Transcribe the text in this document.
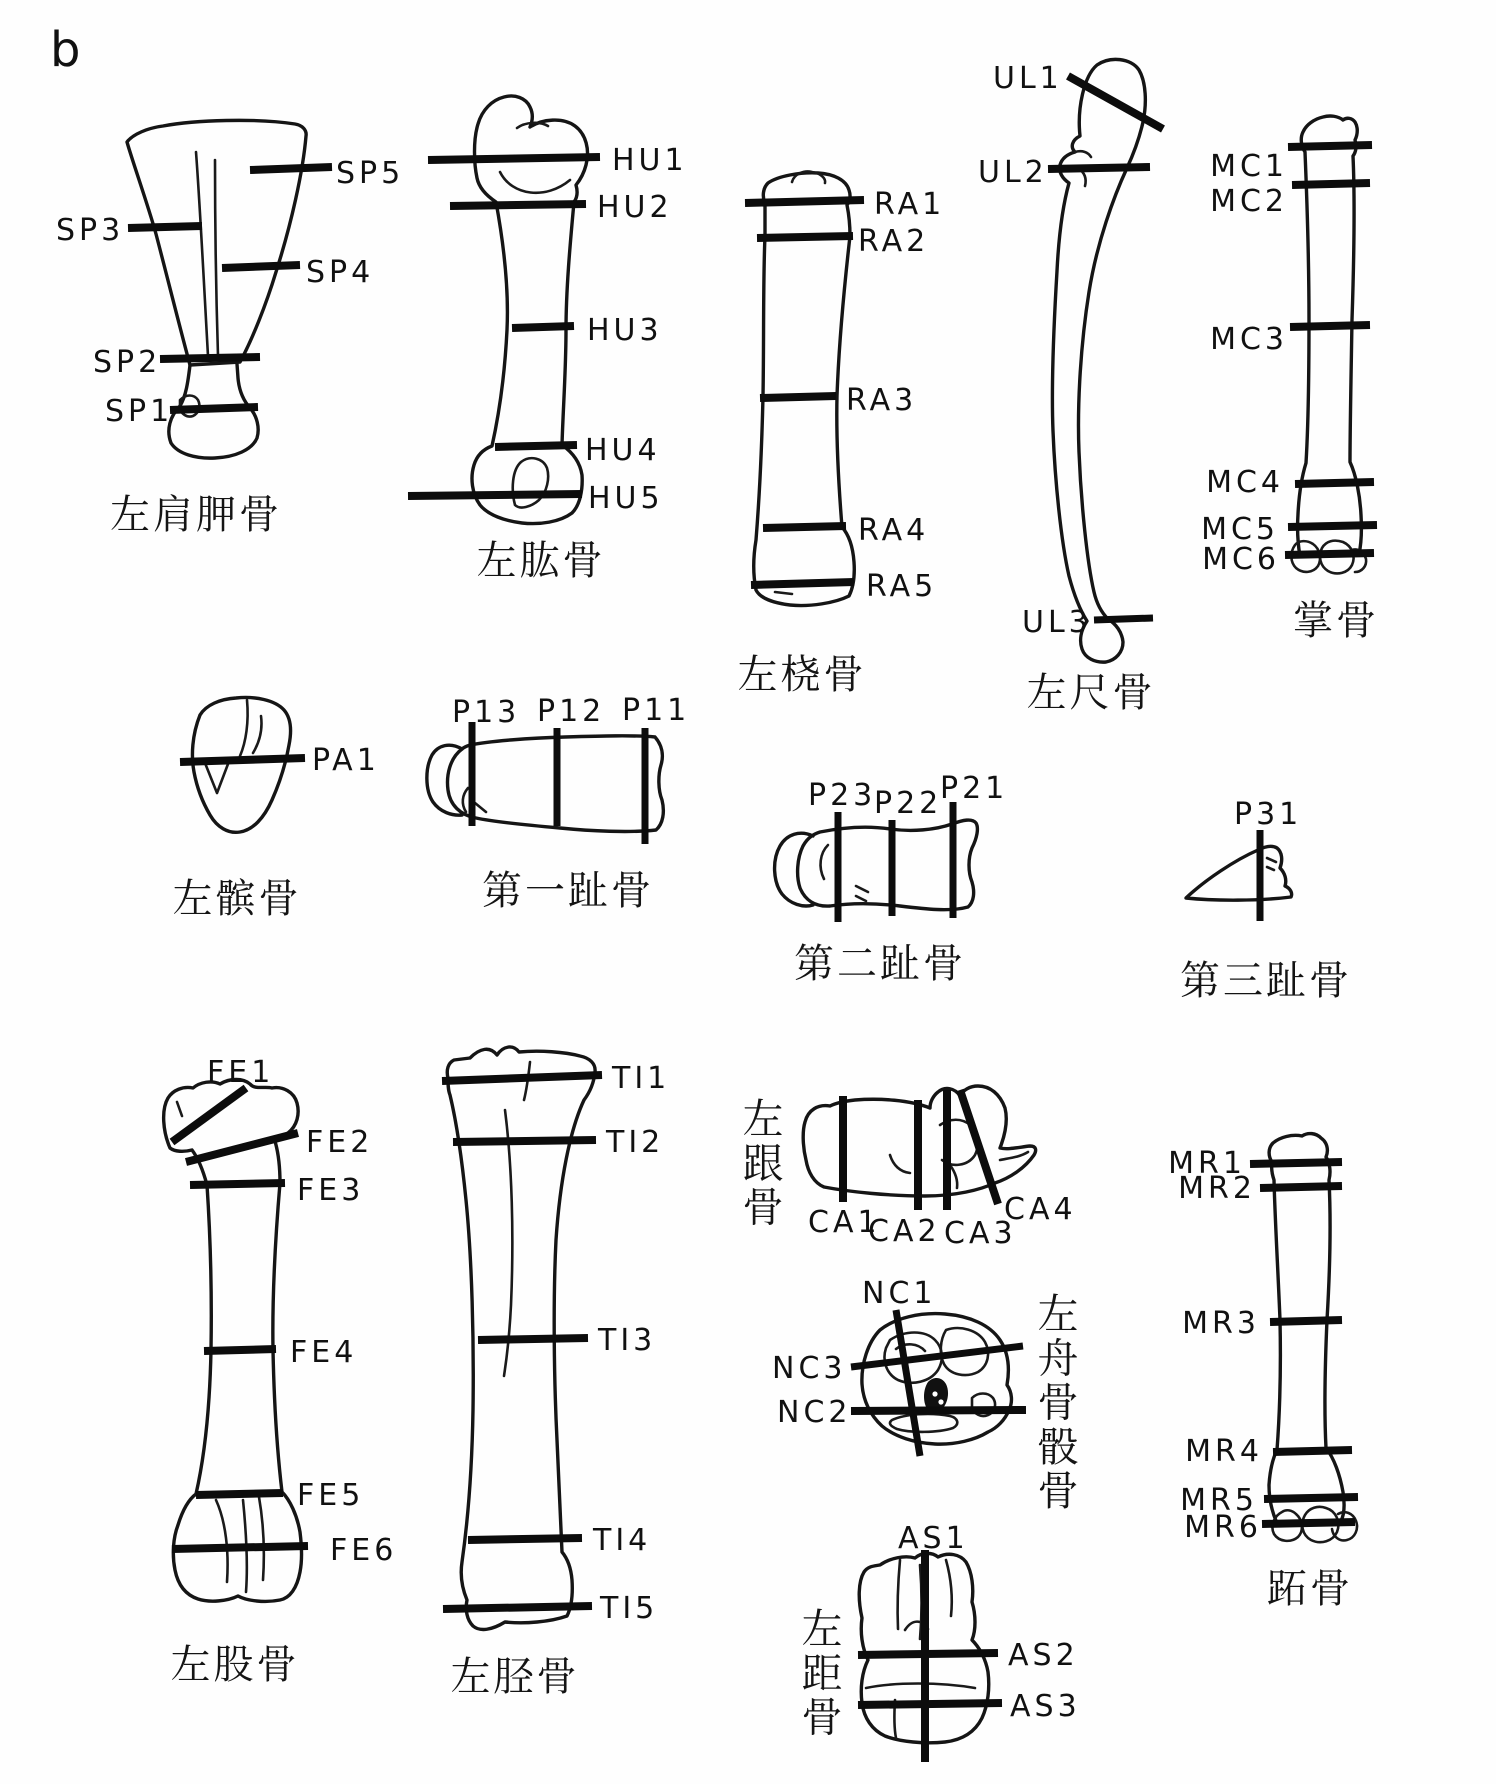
b
SP5
SP3
SP4
SP2
SP1
左肩胛骨
HU1
HU2
HU3
HU4
HU5
左肱骨
RA1
RA2
RA3
RA4
RA5
左桡骨
UL1
UL2
UL3
左尺骨
MC1
MC2
MC3
MC4
MC5
MC6
掌骨
PA1
左髌骨
P13 P12 P11
第一趾骨
P23
P22
P21
第二趾骨
P31
第三趾骨
FE1
FE2
FE3
FE4
FE5
FE6
左股骨
TI1
TI2
TI3
TI4
TI5
左胫骨
CA1
CA2 CA3
CA4
左跟骨
NC1
NC3
NC2
左舟骨骰骨
AS1
AS2
AS3
左距骨
MR1
MR2
MR3
MR4
MR5
MR6
跖骨
